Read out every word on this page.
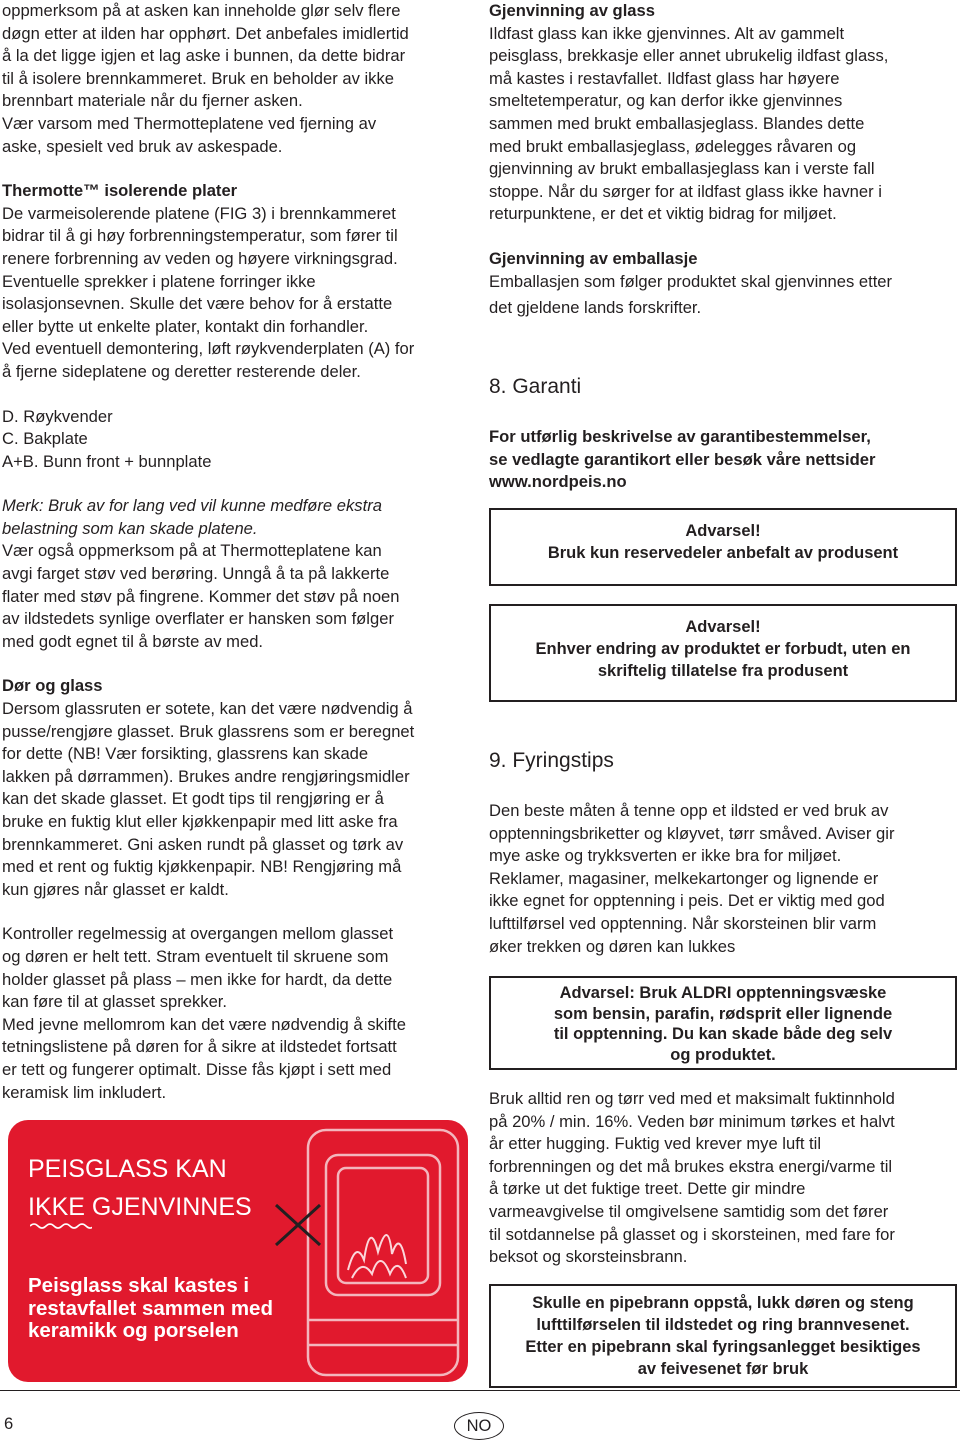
oppmerksom på at asken kan inneholde glør selv flere

døgn etter at ilden har opphørt. Det anbefales imidlertid

å la det ligge igjen et lag aske i bunnen, da dette bidrar

til å isolere brennkammeret. Bruk en beholder av ikke

brennbart materiale når du fjerner asken.

Vær varsom med Thermotteplatene ved fjerning av

aske, spesielt ved bruk av askespade.

Thermotte™ isolerende plater

De varmeisolerende platene (FIG 3) i brennkammeret

bidrar til å gi høy forbrenningstemperatur, som fører til

renere forbrenning av veden og høyere virkningsgrad.

Eventuelle sprekker i platene forringer ikke

isolasjonsevnen. Skulle det være behov for å erstatte

eller bytte ut enkelte plater, kontakt din forhandler.

Ved eventuell demontering, løft røykvenderplaten (A) for

å fjerne sideplatene og deretter resterende deler.

D. Røykvender

C. Bakplate

A+B. Bunn front + bunnplate

Merk: Bruk av for lang ved vil kunne medføre ekstra

belastning som kan skade platene.

Vær også oppmerksom på at Thermotteplatene kan

avgi farget støv ved berøring. Unngå å ta på lakkerte

flater med støv på fingrene. Kommer det støv på noen

av ildstedets synlige overflater er hansken som følger

med godt egnet til å børste av med.

Dør og glass

Dersom glassruten er sotete, kan det være nødvendig å

pusse/rengjøre glasset. Bruk glassrens som er beregnet

for dette (NB! Vær forsikting, glassrens kan skade

lakken på dørrammen). Brukes andre rengjøringsmidler

kan det skade glasset. Et godt tips til rengjøring er å

bruke en fuktig klut eller kjøkkenpapir med litt aske fra

brennkammeret. Gni asken rundt på glasset og tørk av

med et rent og fuktig kjøkkenpapir. NB! Rengjøring må

kun gjøres når glasset er kaldt.

Kontroller regelmessig at overgangen mellom glasset

og døren er helt tett. Stram eventuelt til skruene som

holder glasset på plass – men ikke for hardt, da dette

kan føre til at glasset sprekker.

Med jevne mellomrom kan det være nødvendig å skifte

tetningslistene på døren for å sikre at ildstedet fortsatt

er tett og fungerer optimalt. Disse fås kjøpt i sett med

keramisk lim inkludert.

PEISGLASS KAN
IKKE GJENVINNES
Peisglass skal kastes i
restavfallet sammen med
keramikk og porselen

Gjenvinning av glass

Ildfast glass kan ikke gjenvinnes. Alt av gammelt

peisglass, brekkasje eller annet ubrukelig ildfast glass,

må kastes i restavfallet. Ildfast glass har høyere

smeltetemperatur, og kan derfor ikke gjenvinnes

sammen med brukt emballasjeglass. Blandes dette

med brukt emballasjeglass, ødelegges råvaren og

gjenvinning av brukt emballasjeglass kan i verste fall

stoppe. Når du sørger for at ildfast glass ikke havner i

returpunktene, er det et viktig bidrag for miljøet.

Gjenvinning av emballasje

Emballasjen som følger produktet skal gjenvinnes etter

det gjeldene lands forskrifter.

8. Garanti

For utførlig beskrivelse av garantibestemmelser,

se vedlagte garantikort eller besøk våre nettsider

www.nordpeis.no

Advarsel!
Bruk kun reservedeler anbefalt av produsent
Advarsel!
Enhver endring av produktet er forbudt, uten en
skriftelig tillatelse fra produsent

9. Fyringstips

Den beste måten å tenne opp et ildsted er ved bruk av

opptenningsbriketter og kløyvet, tørr småved. Aviser gir

mye aske og trykksverten er ikke bra for miljøet.

Reklamer, magasiner, melkekartonger og lignende er

ikke egnet for opptenning i peis. Det er viktig med god

lufttilførsel ved opptenning. Når skorsteinen blir varm

øker trekken og døren kan lukkes

Advarsel: Bruk ALDRI opptenningsvæske
som bensin, parafin, rødsprit eller lignende
til opptenning. Du kan skade både deg selv
og produktet.

Bruk alltid ren og tørr ved med et maksimalt fuktinnhold

på 20% / min. 16%. Veden bør minimum tørkes et halvt

år etter hugging. Fuktig ved krever mye luft til

forbrenningen og det må brukes ekstra energi/varme til

å tørke ut det fuktige treet. Dette gir mindre

varmeavgivelse til omgivelsene samtidig som det fører

til sotdannelse på glasset og i skorsteinen, med fare for

beksot og skorsteinsbrann.

Skulle en pipebrann oppstå, lukk døren og steng
lufttilførselen til ildstedet og ring brannvesenet.
Etter en pipebrann skal fyringsanlegget besiktiges
av feivesenet før bruk
6	NO
